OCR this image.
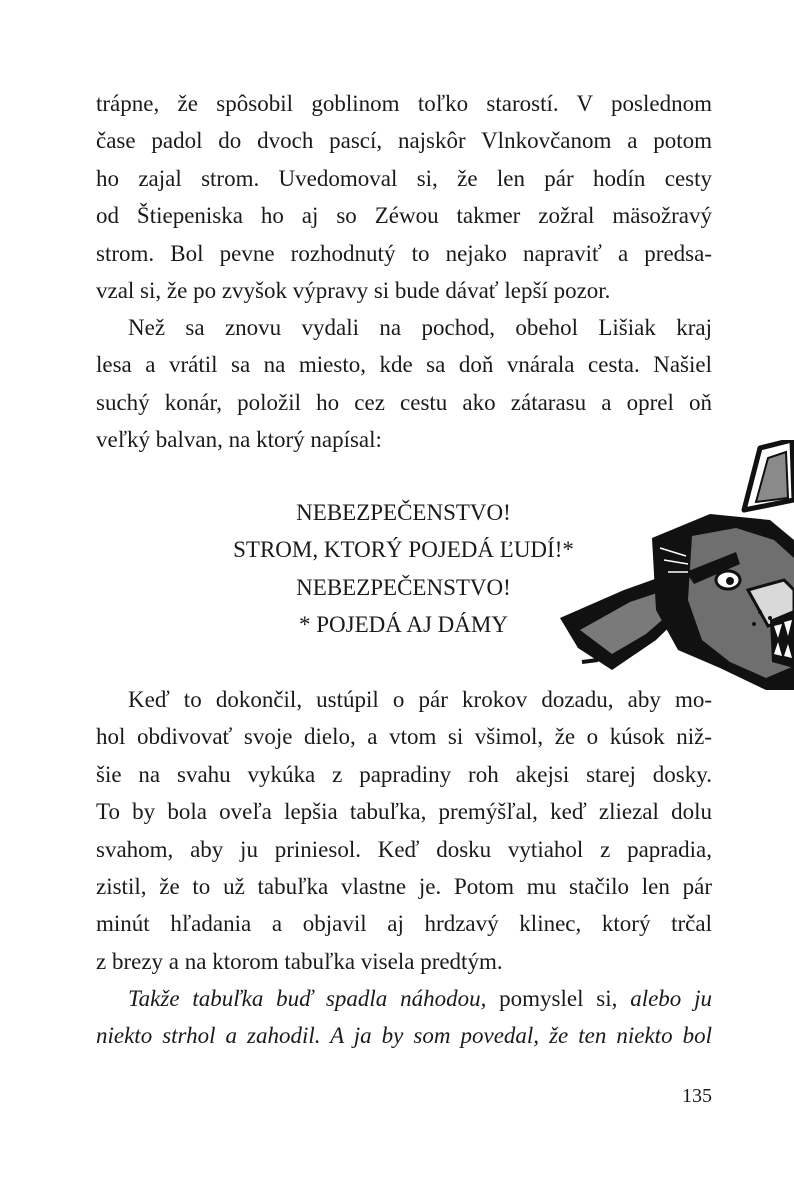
trápne, že spôsobil goblinom toľko starostí. V poslednom
čase padol do dvoch pascí, najskôr Vlnkovčanom a potom
ho zajal strom. Uvedomoval si, že len pár hodín cesty
od Štiepeniska ho aj so Zéwou takmer zožral mäsožravý
strom. Bol pevne rozhodnutý to nejako napraviť a predsa-
vzal si, že po zvyšok výpravy si bude dávať lepší pozor.
Než sa znovu vydali na pochod, obehol Lišiak kraj
lesa a vrátil sa na miesto, kde sa doň vnárala cesta. Našiel
suchý konár, položil ho cez cestu ako zátarasu a oprel oň
veľký balvan, na ktorý napísal:
NEBEZPEČENSTVO!
STROM, KTORÝ POJEDÁ ĽUDÍ!*
NEBEZPEČENSTVO!
* POJEDÁ AJ DÁMY
Keď to dokončil, ustúpil o pár krokov dozadu, aby mo-
hol obdivovať svoje dielo, a vtom si všimol, že o kúsok niž-
šie na svahu vykúka z papradiny roh akejsi starej dosky.
To by bola oveľa lepšia tabuľka, premýšľal, keď zliezal dolu
svahom, aby ju priniesol. Keď dosku vytiahol z papradia,
zistil, že to už tabuľka vlastne je. Potom mu stačilo len pár
minút hľadania a objavil aj hrdzavý klinec, ktorý trčal
z brezy a na ktorom tabuľka visela predtým.
Takže tabuľka buď spadla náhodou, pomyslel si, alebo ju
niekto strhol a zahodil. A ja by som povedal, že ten niekto bol
135
